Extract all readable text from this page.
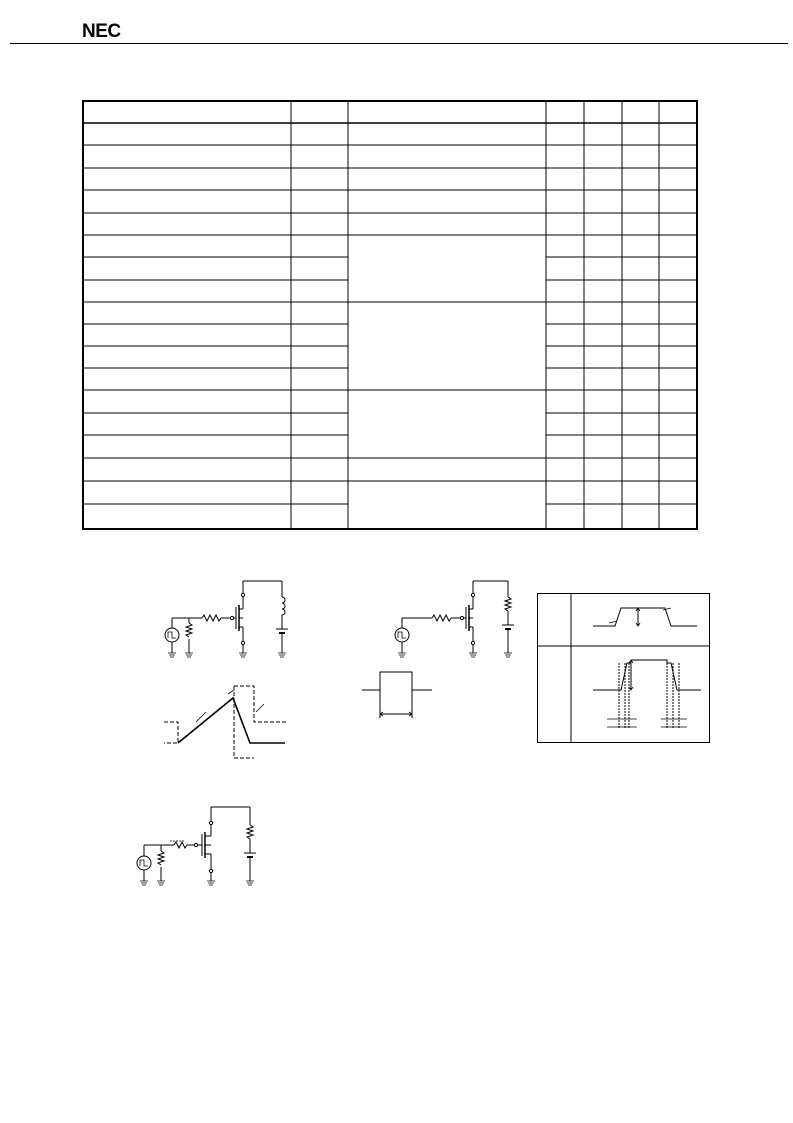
NEC
